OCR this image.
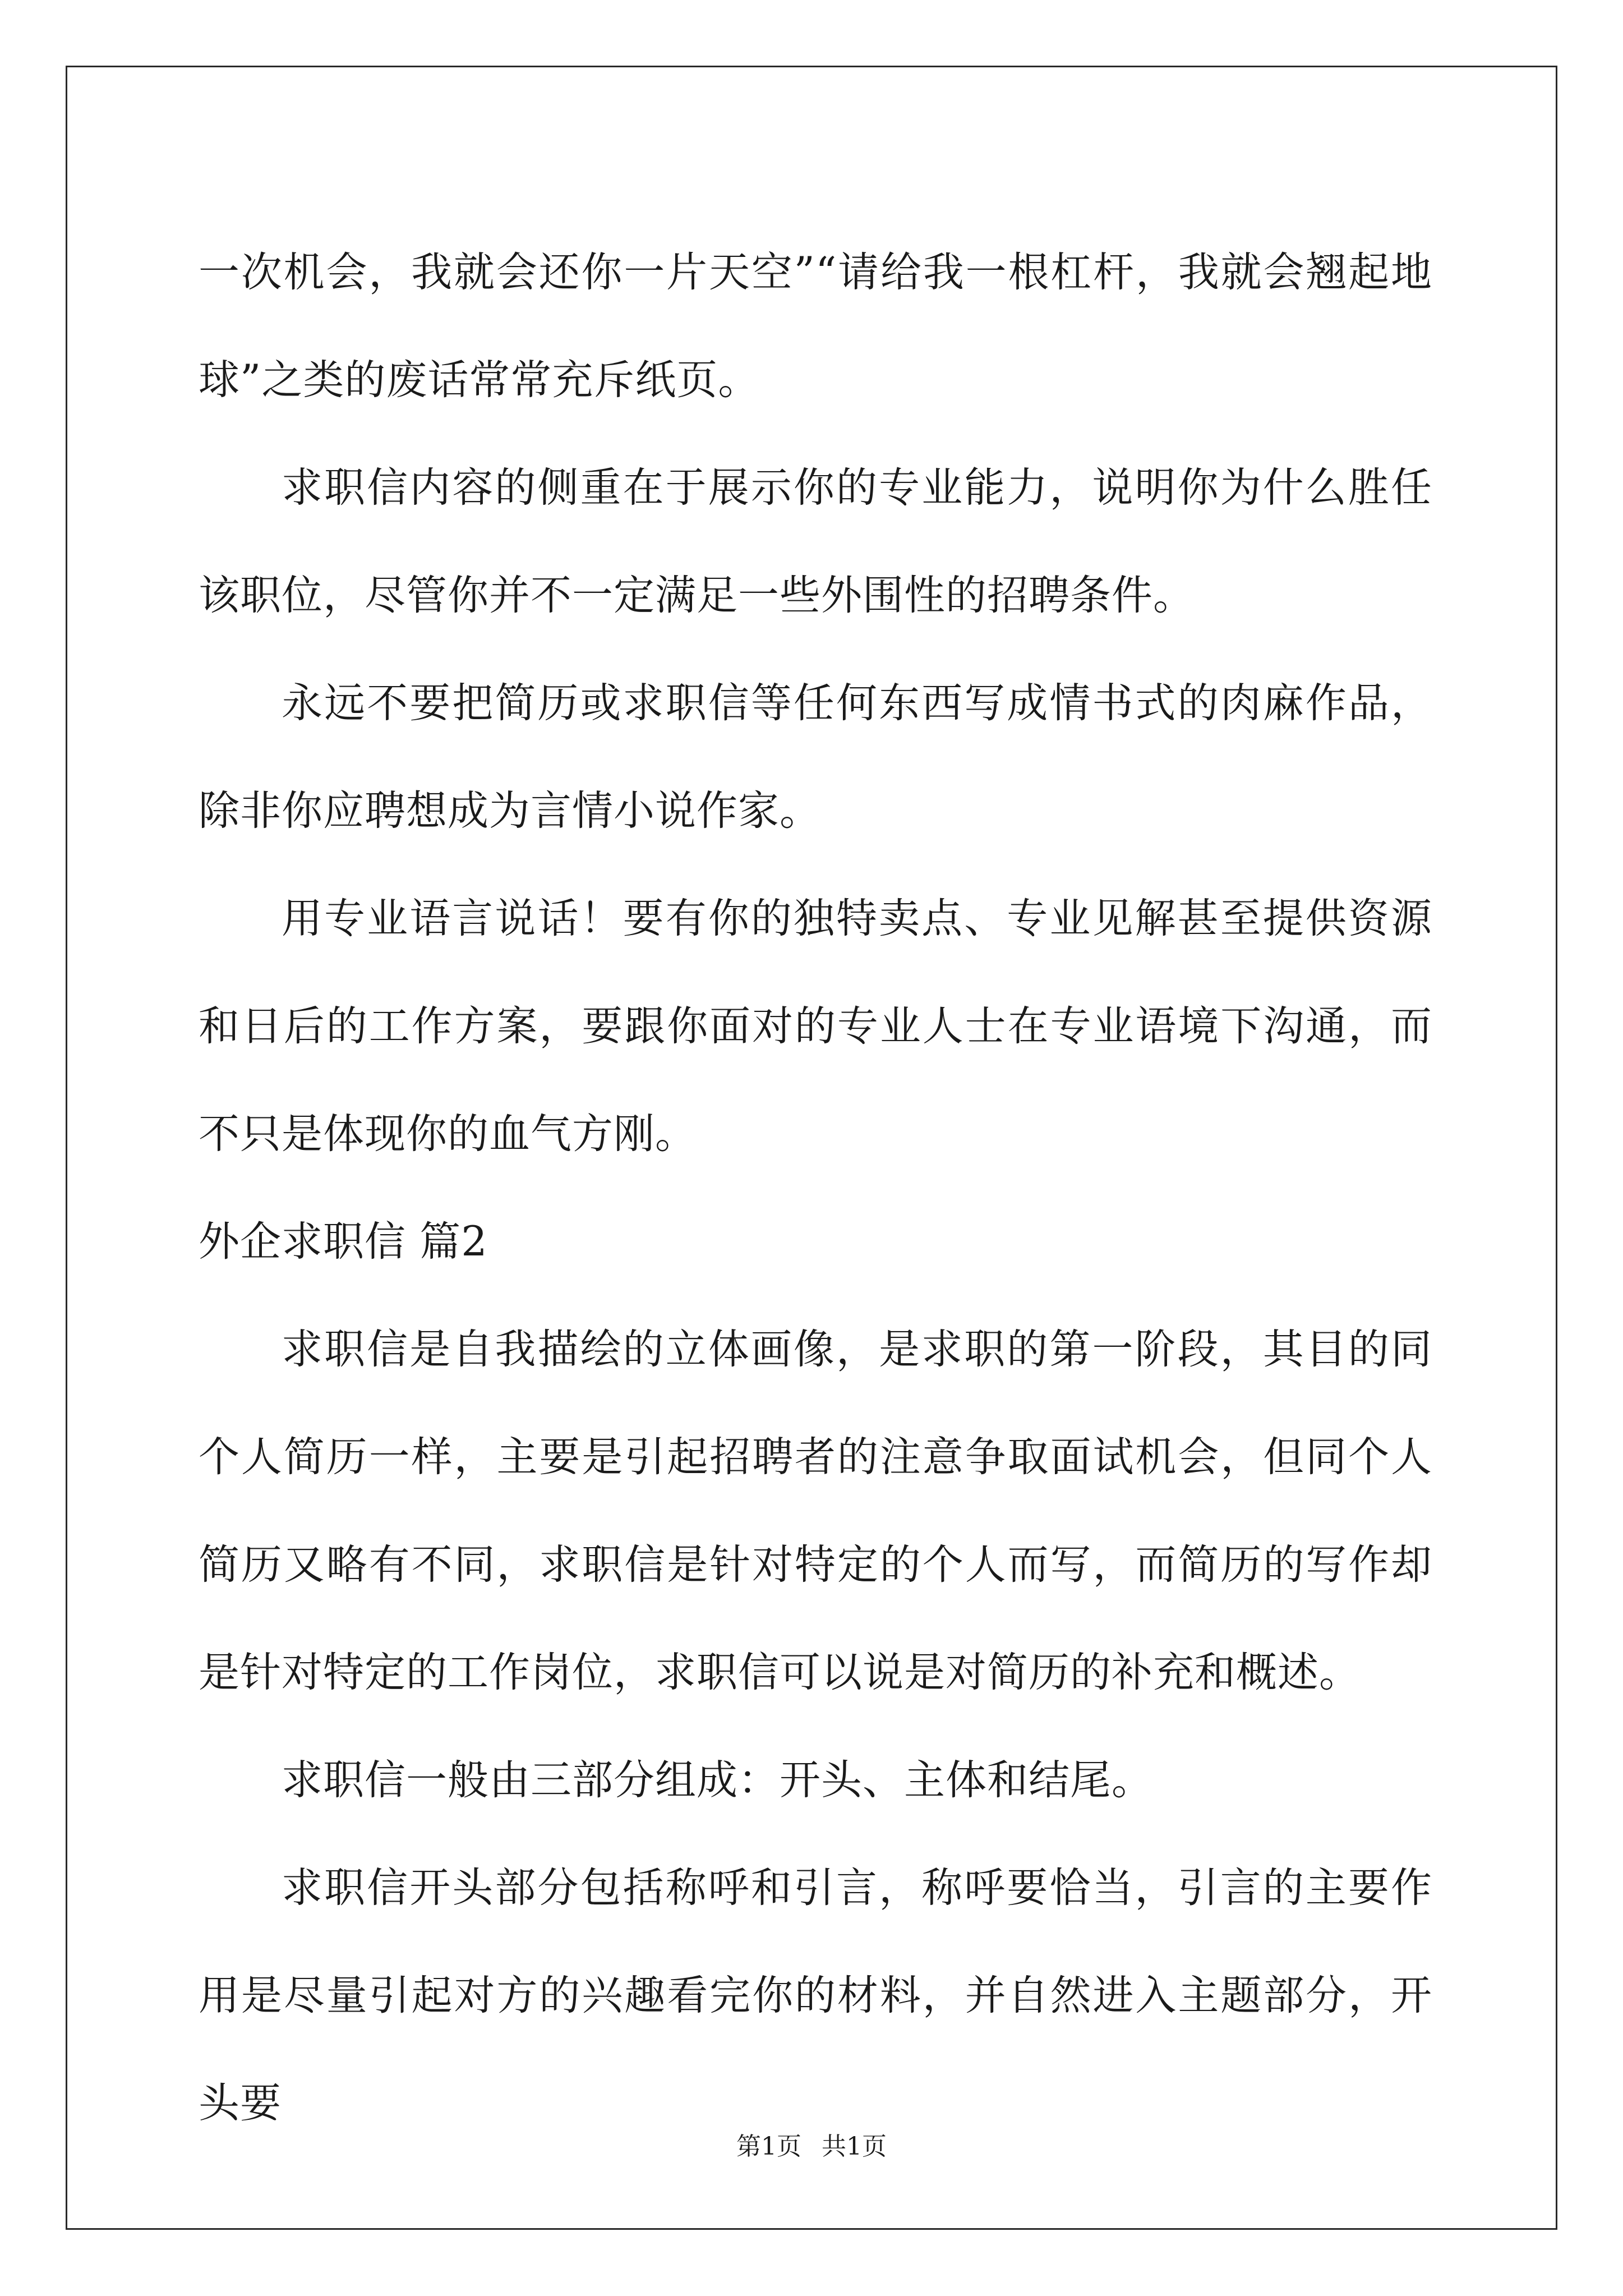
一次机会，我就会还你一片天空”“请给我一根杠杆，我就会翘起地球”之类的废话常常充斥纸页。

求职信内容的侧重在于展示你的专业能力，说明你为什么胜任该职位，尽管你并不一定满足一些外围性的招聘条件。

永远不要把简历或求职信等任何东西写成情书式的肉麻作品，除非你应聘想成为言情小说作家。

用专业语言说话！要有你的独特卖点、专业见解甚至提供资源和日后的工作方案，要跟你面对的专业人士在专业语境下沟通，而不只是体现你的血气方刚。

外企求职信 篇2

求职信是自我描绘的立体画像，是求职的第一阶段，其目的同个人简历一样，主要是引起招聘者的注意争取面试机会，但同个人简历又略有不同，求职信是针对特定的个人而写，而简历的写作却是针对特定的工作岗位，求职信可以说是对简历的补充和概述。

求职信一般由三部分组成：开头、主体和结尾。

求职信开头部分包括称呼和引言，称呼要恰当，引言的主要作用是尽量引起对方的兴趣看完你的材料，并自然进入主题部分，开头要

第1页 共1页
